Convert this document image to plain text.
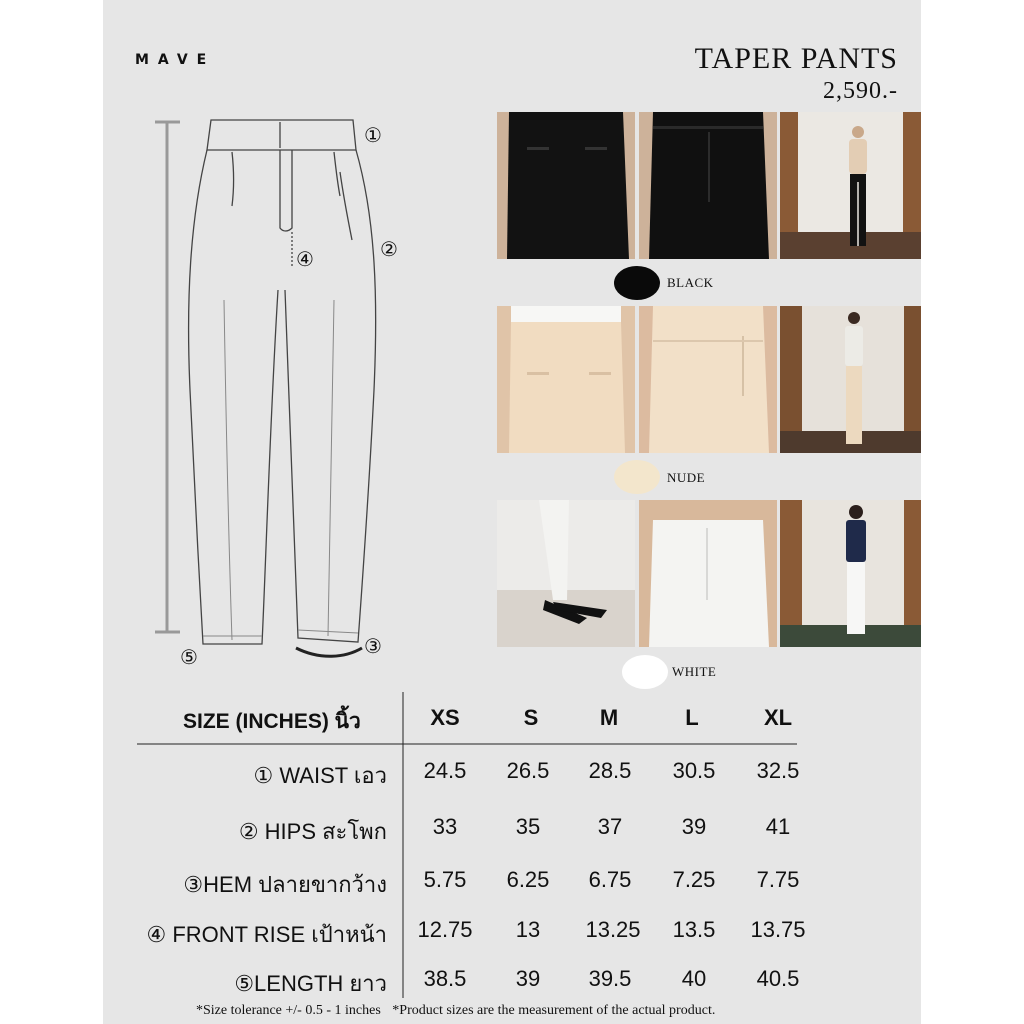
MAVE	TAPER PANTS
2,590.-
①
②
③
④
⑤
BLACK
NUDE
WHITE
SIZE (INCHES) นิ้ว	XS	S	M	L	XL
① WAIST เอว	24.5	26.5	28.5	30.5	32.5
② HIPS สะโพก	33	35	37	39	41
③HEM ปลายขากว้าง	5.75	6.25	6.75	7.25	7.75
④ FRONT RISE เป้าหน้า	12.75	13	13.25	13.5	13.75
⑤LENGTH ยาว	38.5	39	39.5	40	40.5
*Size tolerance +/- 0.5 - 1 inches *Product sizes are the measurement of the actual product.
